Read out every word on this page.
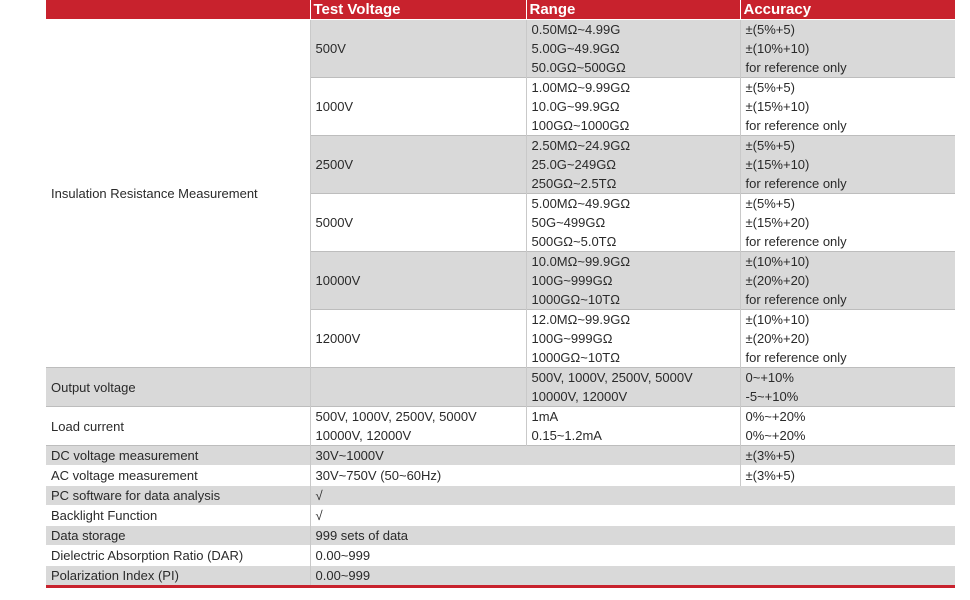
	Test Voltage	Range	Accuracy
Insulation Resistance Measurement	500V	0.50MΩ~4.99G	±(5%+5)
		5.00G~49.9GΩ	±(10%+10)
		50.0GΩ~500GΩ	for reference only
	1000V	1.00MΩ~9.99GΩ	±(5%+5)
		10.0G~99.9GΩ	±(15%+10)
		100GΩ~1000GΩ	for reference only
	2500V	2.50MΩ~24.9GΩ	±(5%+5)
		25.0G~249GΩ	±(15%+10)
		250GΩ~2.5TΩ	for reference only
	5000V	5.00MΩ~49.9GΩ	±(5%+5)
		50G~499GΩ	±(15%+20)
		500GΩ~5.0TΩ	for reference only
	10000V	10.0MΩ~99.9GΩ	±(10%+10)
		100G~999GΩ	±(20%+20)
		1000GΩ~10TΩ	for reference only
	12000V	12.0MΩ~99.9GΩ	±(10%+10)
		100G~999GΩ	±(20%+20)
		1000GΩ~10TΩ	for reference only
Output voltage		500V, 1000V, 2500V, 5000V	0~+10%
		10000V, 12000V	-5~+10%
Load current	500V, 1000V, 2500V, 5000V	1mA	0%~+20%
	10000V, 12000V	0.15~1.2mA	0%~+20%
DC voltage measurement	30V~1000V		±(3%+5)
AC voltage measurement	30V~750V (50~60Hz)		±(3%+5)
PC software for data analysis	√		
Backlight Function	√		
Data storage	999 sets of data		
Dielectric Absorption Ratio (DAR)	0.00~999		
Polarization Index (PI)	0.00~999		
